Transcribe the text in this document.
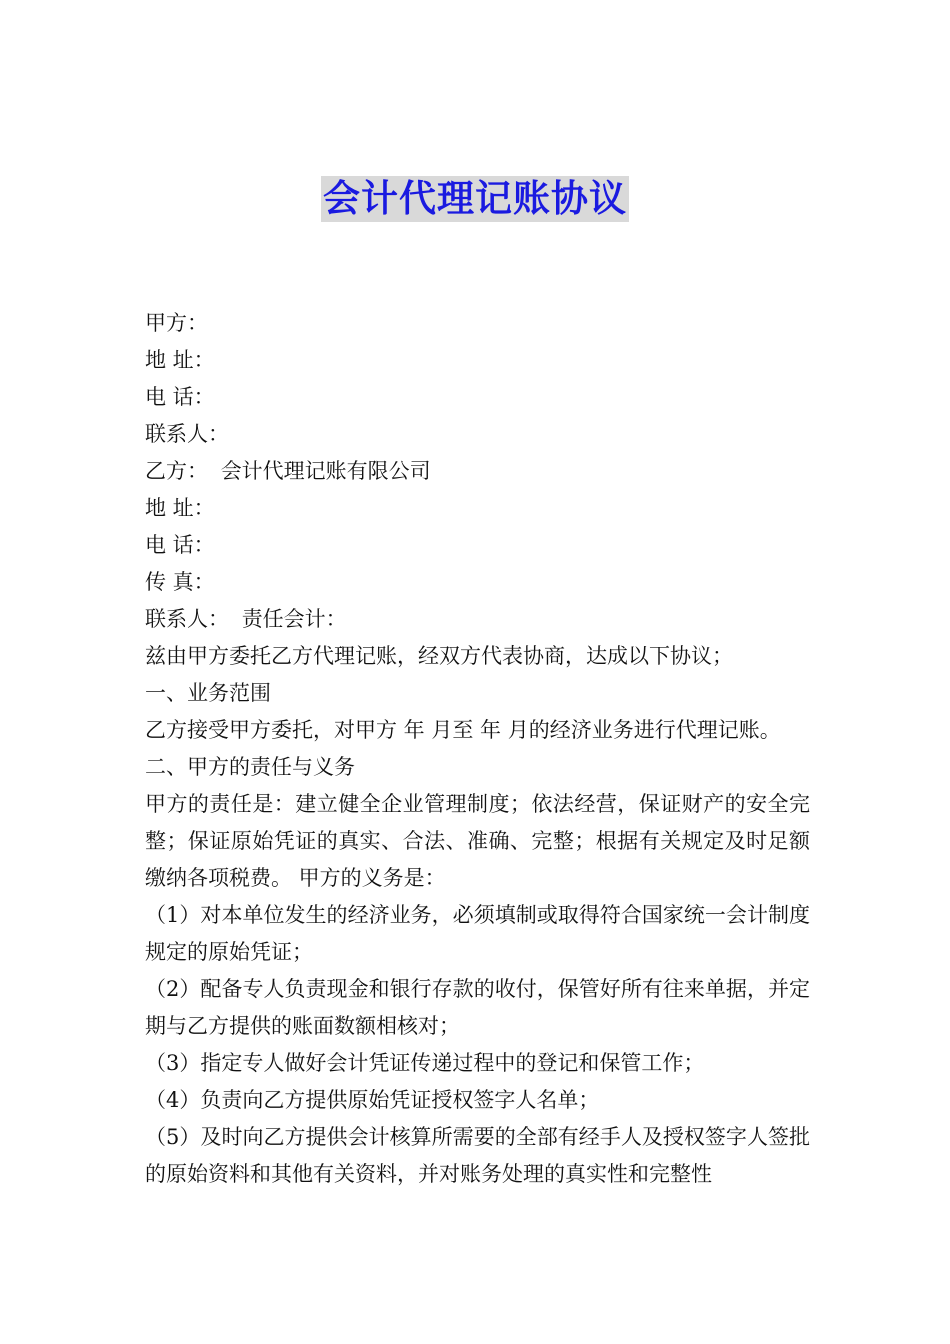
会计代理记账协议
甲方：
地 址：
电 话：
联系人：
乙方： 会计代理记账有限公司
地 址：
电 话：
传 真：
联系人： 责任会计：
兹由甲方委托乙方代理记账，经双方代表协商，达成以下协议；
一、业务范围
乙方接受甲方委托，对甲方 年 月至 年 月的经济业务进行代理记账。
二、甲方的责任与义务
甲方的责任是：建立健全企业管理制度；依法经营，保证财产的安全完整；保证原始凭证的真实、合法、准确、完整；根据有关规定及时足额缴纳各项税费。 甲方的义务是：
（1）对本单位发生的经济业务，必须填制或取得符合国家统一会计制度规定的原始凭证；
（2）配备专人负责现金和银行存款的收付，保管好所有往来单据，并定期与乙方提供的账面数额相核对；
（3）指定专人做好会计凭证传递过程中的登记和保管工作；
（4）负责向乙方提供原始凭证授权签字人名单；
（5）及时向乙方提供会计核算所需要的全部有经手人及授权签字人签批的原始资料和其他有关资料，并对账务处理的真实性和完整性
